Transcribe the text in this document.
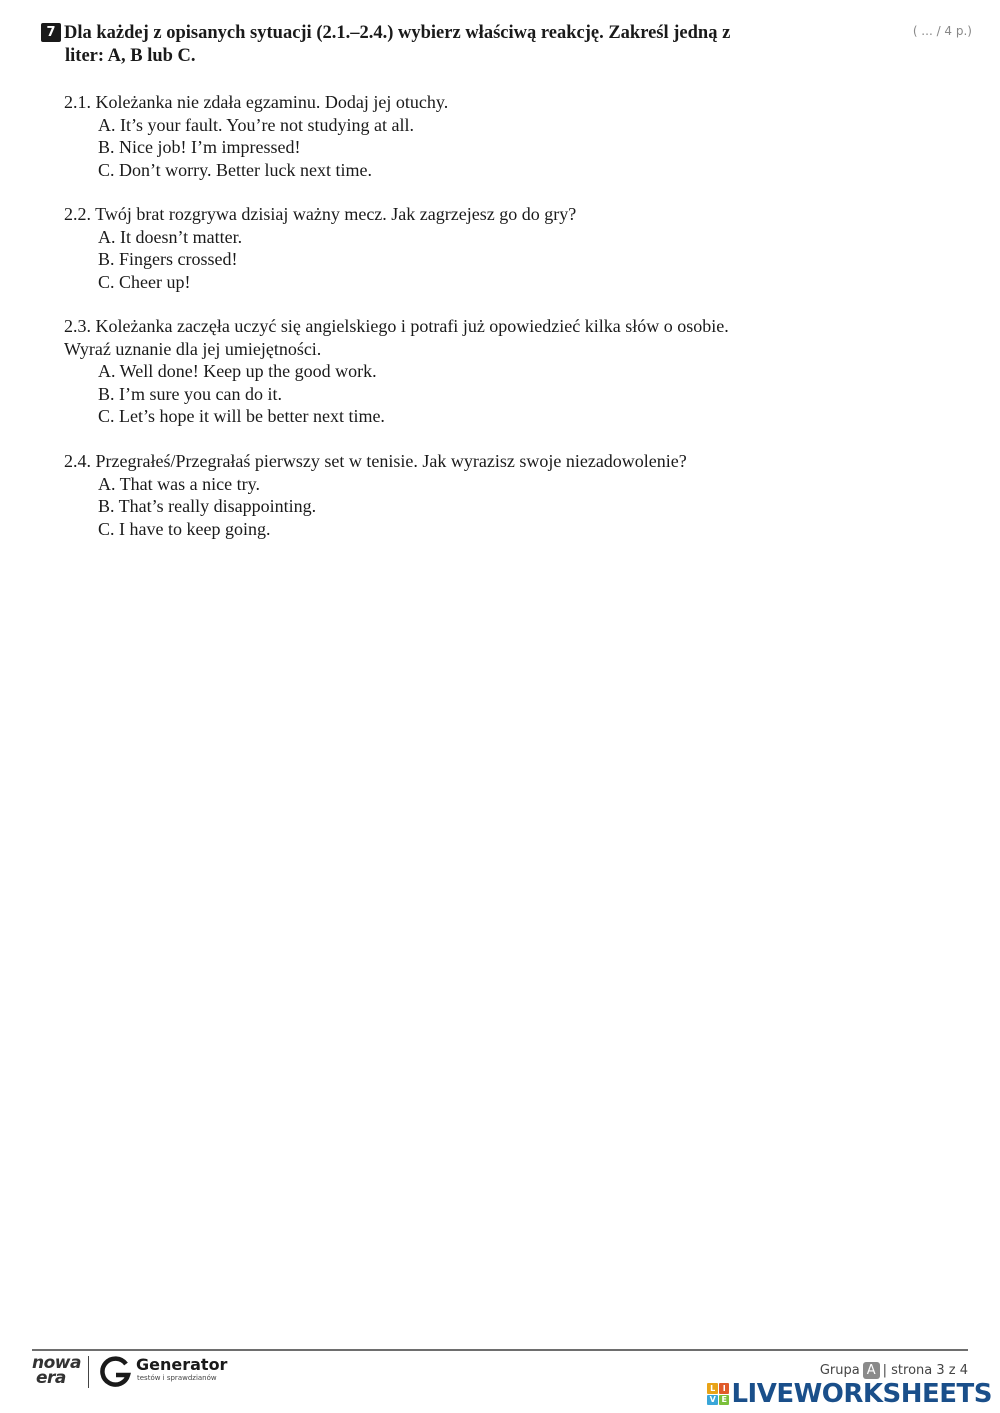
7 Dla każdej z opisanych sytuacji (2.1.–2.4.) wybierz właściwą reakcję. Zakreśl jedną z
liter: A, B lub C.
( ... / 4 p.)
2.1. Koleżanka nie zdała egzaminu. Dodaj jej otuchy.
A. It’s your fault. You’re not studying at all.
B. Nice job! I’m impressed!
C. Don’t worry. Better luck next time.
2.2. Twój brat rozgrywa dzisiaj ważny mecz. Jak zagrzejesz go do gry?
A. It doesn’t matter.
B. Fingers crossed!
C. Cheer up!
2.3. Koleżanka zaczęła uczyć się angielskiego i potrafi już opowiedzieć kilka słów o osobie. Wyraź uznanie dla jej umiejętności.
A. Well done! Keep up the good work.
B. I’m sure you can do it.
C. Let’s hope it will be better next time.
2.4. Przegrałeś/Przegrałaś pierwszy set w tenisie. Jak wyrazisz swoje niezadowolenie?
A. That was a nice try.
B. That’s really disappointing.
C. I have to keep going.
nowa
era
Generator
testów i sprawdzianów	Grupa A | strona 3 z 4
L I
V E LIVEWORKSHEETS
